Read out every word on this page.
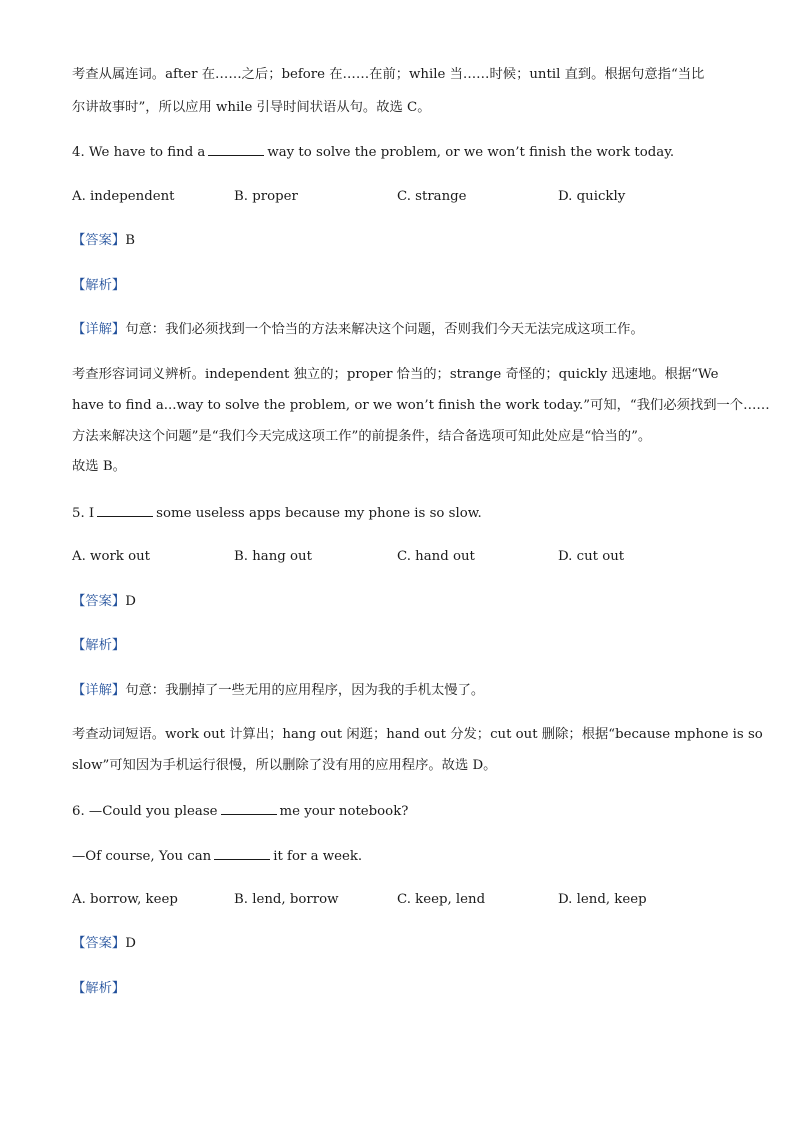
考查从属连词。after 在……之后；before 在……在前；while 当……时候；until 直到。根据句意指“当比

尔讲故事时”，所以应用 while 引导时间状语从句。故选 C。

4. We have to find a	way to solve the problem, or we won’t finish the work today.

A. independent	B. proper	C. strange	D. quickly

【答案】B

【解析】

【详解】句意：我们必须找到一个恰当的方法来解决这个问题，否则我们今天无法完成这项工作。

考查形容词词义辨析。independent 独立的；proper 恰当的；strange 奇怪的；quickly 迅速地。根据“We

have to find a...way to solve the problem, or we won’t finish the work today.”可知，“我们必须找到一个……

方法来解决这个问题”是“我们今天完成这项工作”的前提条件，结合备选项可知此处应是“恰当的”。

故选 B。

5. I	some useless apps because my phone is so slow.

A. work out	B. hang out	C. hand out	D. cut out

【答案】D

【解析】

【详解】句意：我删掉了一些无用的应用程序，因为我的手机太慢了。

考查动词短语。work out 计算出；hang out 闲逛；hand out 分发；cut out 删除；根据“because mphone is so

slow”可知因为手机运行很慢，所以删除了没有用的应用程序。故选 D。

6. —Could you please	me your notebook?

—Of course, You can	it for a week.

A. borrow, keep	B. lend, borrow	C. keep, lend	D. lend, keep

【答案】D

【解析】
